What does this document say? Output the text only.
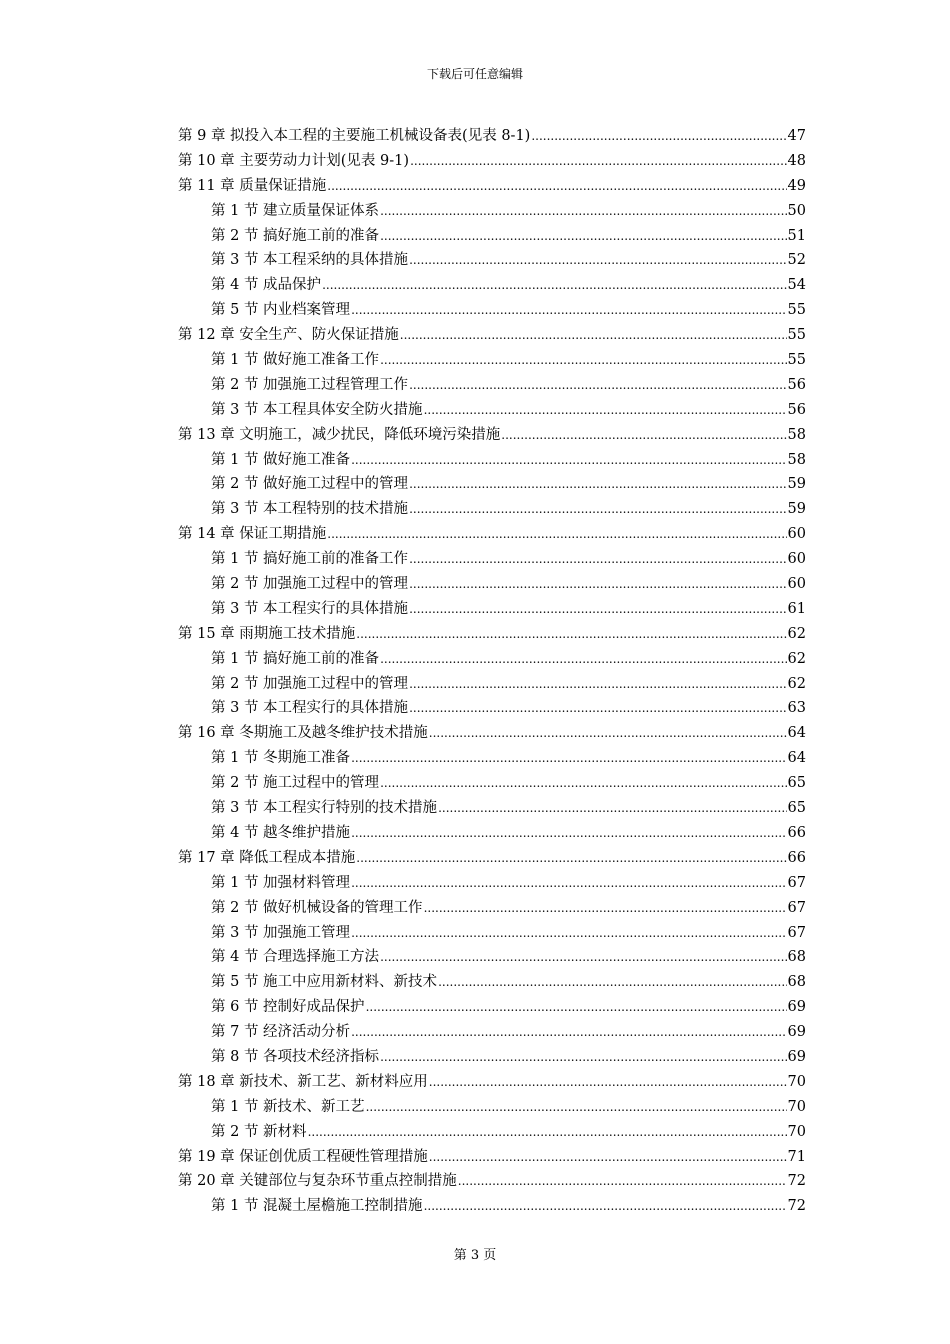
下载后可任意编辑
第 9 章 拟投入本工程的主要施工机械设备表(见表 8-1) .....	47
第 10 章 主要劳动力计划(见表 9-1) .....	48
第 11 章 质量保证措施 .....	49
第 1 节 建立质量保证体系 .....	50
第 2 节 搞好施工前的准备 .....	51
第 3 节 本工程采纳的具体措施 .....	52
第 4 节 成品保护 .....	54
第 5 节 内业档案管理 .....	55
第 12 章 安全生产、防火保证措施 .....	55
第 1 节 做好施工准备工作 .....	55
第 2 节 加强施工过程管理工作 .....	56
第 3 节 本工程具体安全防火措施 .....	56
第 13 章 文明施工，减少扰民，降低环境污染措施 .....	58
第 1 节 做好施工准备 .....	58
第 2 节 做好施工过程中的管理 .....	59
第 3 节 本工程特别的技术措施 .....	59
第 14 章 保证工期措施 .....	60
第 1 节 搞好施工前的准备工作 .....	60
第 2 节 加强施工过程中的管理 .....	60
第 3 节 本工程实行的具体措施 .....	61
第 15 章 雨期施工技术措施 .....	62
第 1 节 搞好施工前的准备 .....	62
第 2 节 加强施工过程中的管理 .....	62
第 3 节 本工程实行的具体措施 .....	63
第 16 章 冬期施工及越冬维护技术措施 .....	64
第 1 节 冬期施工准备 .....	64
第 2 节 施工过程中的管理 .....	65
第 3 节 本工程实行特别的技术措施 .....	65
第 4 节 越冬维护措施 .....	66
第 17 章 降低工程成本措施 .....	66
第 1 节 加强材料管理 .....	67
第 2 节 做好机械设备的管理工作 .....	67
第 3 节 加强施工管理 .....	67
第 4 节 合理选择施工方法 .....	68
第 5 节 施工中应用新材料、新技术 .....	68
第 6 节 控制好成品保护 .....	69
第 7 节 经济活动分析 .....	69
第 8 节 各项技术经济指标 .....	69
第 18 章 新技术、新工艺、新材料应用 .....	70
第 1 节 新技术、新工艺 .....	70
第 2 节 新材料 .....	70
第 19 章 保证创优质工程硬性管理措施 .....	71
第 20 章 关键部位与复杂环节重点控制措施 .....	72
第 1 节 混凝土屋檐施工控制措施 .....	72
第 3 页
